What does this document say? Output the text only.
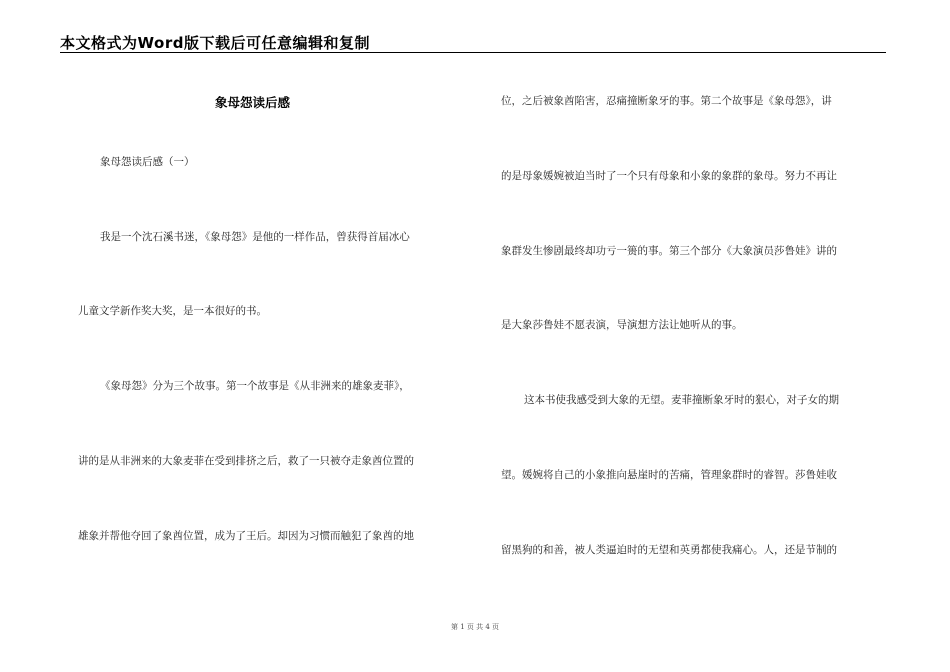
本文格式为Word版下载后可任意编辑和复制
象母怨读后感
象母怨读后感（一）
我是一个沈石溪书迷，《象母怨》是他的一样作品，曾获得首届冰心
儿童文学新作奖大奖，是一本很好的书。
《象母怨》分为三个故事。第一个故事是《从非洲来的雄象麦菲》，
讲的是从非洲来的大象麦菲在受到排挤之后，救了一只被夺走象酋位置的
雄象并帮他夺回了象酋位置，成为了王后。却因为习惯而触犯了象酋的地
位，之后被象酋陷害，忍痛撞断象牙的事。第二个故事是《象母怨》，讲
的是母象媛婉被迫当时了一个只有母象和小象的象群的象母。努力不再让
象群发生惨剧最终却功亏一篑的事。第三个部分《大象演员莎鲁娃》讲的
是大象莎鲁娃不愿表演，导演想方法让她听从的事。
这本书使我感受到大象的无望。麦菲撞断象牙时的狠心，对子女的期
望。媛婉将自己的小象推向悬崖时的苦痛，管理象群时的睿智。莎鲁娃收
留黑狗的和善，被人类逼迫时的无望和英勇都使我痛心。人，还是节制的
第 1 页 共 4 页
